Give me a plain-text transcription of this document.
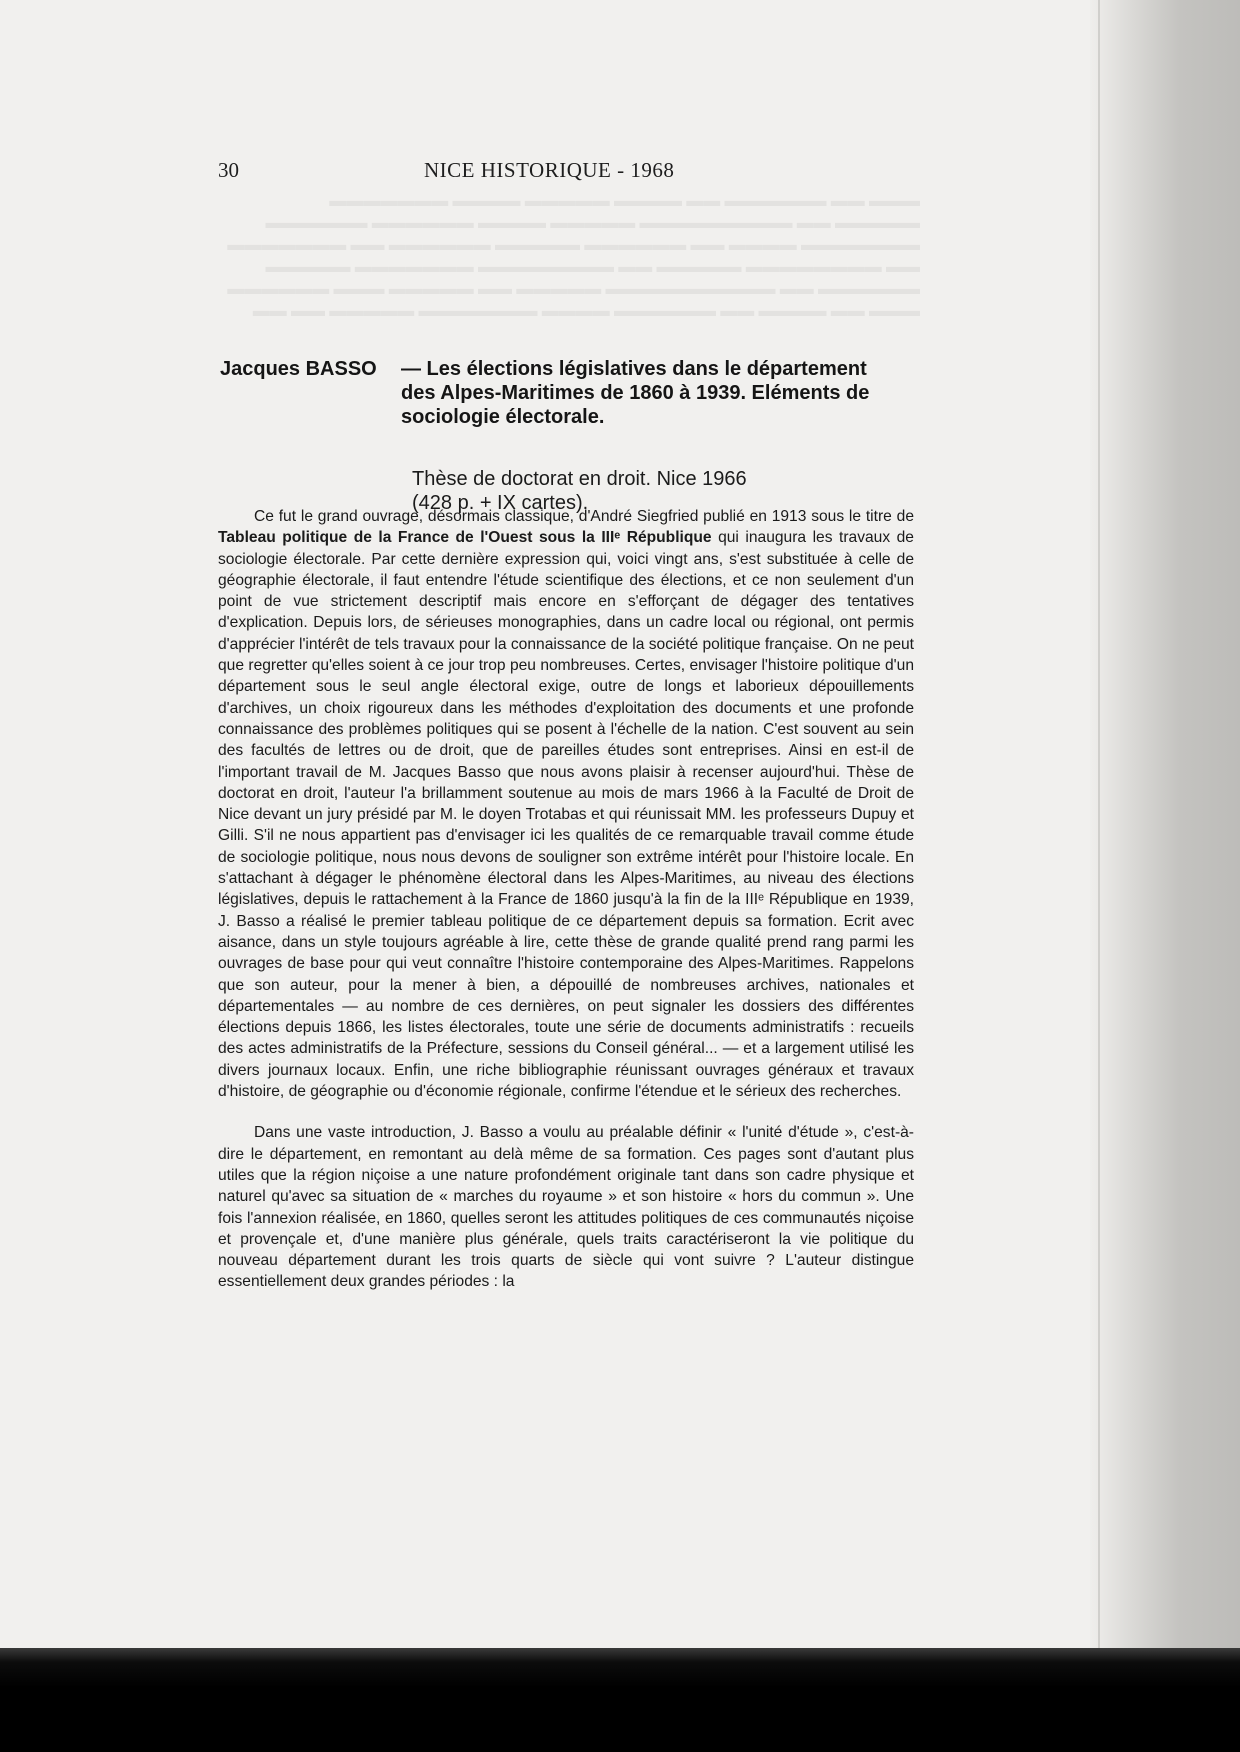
30	NICE HISTORIQUE - 1968
Jacques BASSO — Les élections législatives dans le département des Alpes-Maritimes de 1860 à 1939. Eléments de sociologie électorale.
Thèse de doctorat en droit. Nice 1966
(428 p. + IX cartes).

Ce fut le grand ouvrage, désormais classique, d'André Siegfried publié en 1913 sous le titre de Tableau politique de la France de l'Ouest sous la IIIᵉ République qui inaugura les travaux de sociologie électorale. Par cette dernière expression qui, voici vingt ans, s'est substituée à celle de géographie électorale, il faut entendre l'étude scientifique des élections, et ce non seulement d'un point de vue strictement descriptif mais encore en s'efforçant de dégager des tentatives d'explication. Depuis lors, de sérieuses monographies, dans un cadre local ou régional, ont permis d'apprécier l'intérêt de tels travaux pour la connaissance de la société politique française. On ne peut que regretter qu'elles soient à ce jour trop peu nombreuses. Certes, envisager l'histoire politique d'un département sous le seul angle électoral exige, outre de longs et laborieux dépouillements d'archives, un choix rigoureux dans les méthodes d'exploitation des documents et une profonde connaissance des problèmes politiques qui se posent à l'échelle de la nation. C'est souvent au sein des facultés de lettres ou de droit, que de pareilles études sont entreprises. Ainsi en est-il de l'important travail de M. Jacques Basso que nous avons plaisir à recenser aujourd'hui. Thèse de doctorat en droit, l'auteur l'a brillamment soutenue au mois de mars 1966 à la Faculté de Droit de Nice devant un jury présidé par M. le doyen Trotabas et qui réunissait MM. les professeurs Dupuy et Gilli. S'il ne nous appartient pas d'envisager ici les qualités de ce remarquable travail comme étude de sociologie politique, nous nous devons de souligner son extrême intérêt pour l'histoire locale. En s'attachant à dégager le phénomène électoral dans les Alpes-Maritimes, au niveau des élections législatives, depuis le rattachement à la France de 1860 jusqu'à la fin de la IIIᵉ République en 1939, J. Basso a réalisé le premier tableau politique de ce département depuis sa formation. Ecrit avec aisance, dans un style toujours agréable à lire, cette thèse de grande qualité prend rang parmi les ouvrages de base pour qui veut connaître l'histoire contemporaine des Alpes-Maritimes. Rappelons que son auteur, pour la mener à bien, a dépouillé de nombreuses archives, nationales et départementales — au nombre de ces dernières, on peut signaler les dossiers des différentes élections depuis 1866, les listes électorales, toute une série de documents administratifs : recueils des actes administratifs de la Préfecture, sessions du Conseil général... — et a largement utilisé les divers journaux locaux. Enfin, une riche bibliographie réunissant ouvrages généraux et travaux d'histoire, de géographie ou d'économie régionale, confirme l'étendue et le sérieux des recherches.

Dans une vaste introduction, J. Basso a voulu au préalable définir « l'unité d'étude », c'est-à-dire le département, en remontant au delà même de sa formation. Ces pages sont d'autant plus utiles que la région niçoise a une nature profondément originale tant dans son cadre physique et naturel qu'avec sa situation de « marches du royaume » et son histoire « hors du commun ». Une fois l'annexion réalisée, en 1860, quelles seront les attitudes politiques de ces communautés niçoise et provençale et, d'une manière plus générale, quels traits caractériseront la vie politique du nouveau département durant les trois quarts de siècle qui vont suivre ? L'auteur distingue essentiellement deux grandes périodes : la
